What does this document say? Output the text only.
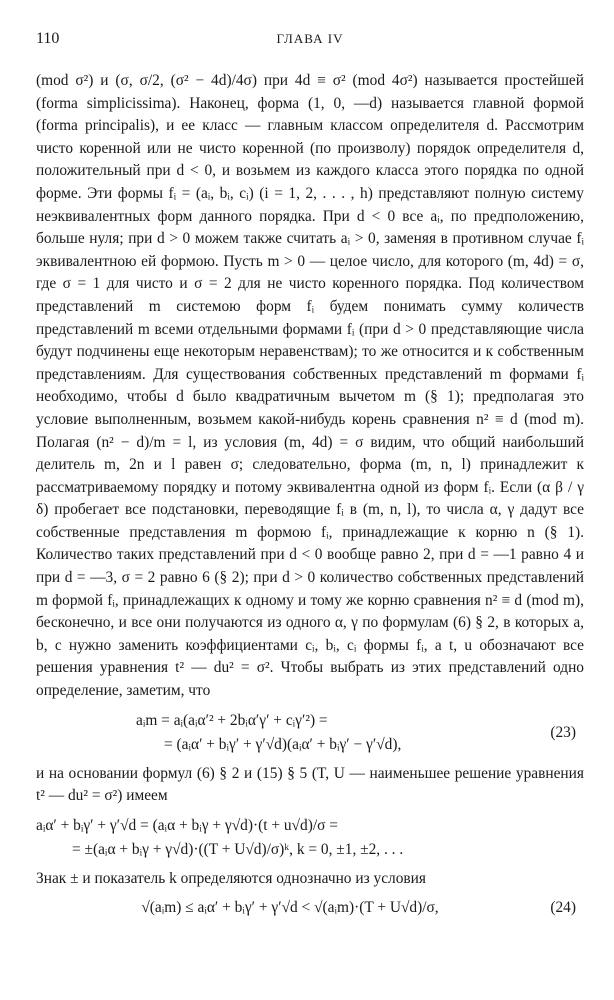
110	ГЛАВА IV

(mod σ²) и (σ, σ/2, (σ² − 4d)/4σ) при 4d ≡ σ² (mod 4σ²) называется простейшей (forma simplicissima). Наконец, форма (1, 0, —d) называется главной формой (forma principalis), и ее класс — главным классом определителя d. Рассмотрим чисто коренной или не чисто коренной (по произволу) порядок определителя d, положительный при d < 0, и возьмем из каждого класса этого порядка по одной форме. Эти формы fᵢ = (aᵢ, bᵢ, cᵢ) (i = 1, 2, . . . , h) представляют полную систему неэквивалентных форм данного порядка. При d < 0 все aᵢ, по предположению, больше нуля; при d > 0 можем также считать aᵢ > 0, заменяя в противном случае fᵢ эквивалентною ей формою. Пусть m > 0 — целое число, для которого (m, 4d) = σ, где σ = 1 для чисто и σ = 2 для не чисто коренного порядка. Под количеством представлений m системою форм fᵢ будем понимать сумму количеств представлений m всеми отдельными формами fᵢ (при d > 0 представляющие числа будут подчинены еще некоторым неравенствам); то же относится и к собственным представлениям. Для существования собственных представлений m формами fᵢ необходимо, чтобы d было квадратичным вычетом m (§ 1); предполагая это условие выполненным, возьмем какой-нибудь корень сравнения n² ≡ d (mod m). Полагая (n² − d)/m = l, из условия (m, 4d) = σ видим, что общий наибольший делитель m, 2n и l равен σ; следовательно, форма (m, n, l) принадлежит к рассматриваемому порядку и потому эквивалентна одной из форм fᵢ. Если (α β / γ δ) пробегает все подстановки, переводящие fᵢ в (m, n, l), то числа α, γ дадут все собственные представления m формою fᵢ, принадлежащие к корню n (§ 1). Количество таких представлений при d < 0 вообще равно 2, при d = —1 равно 4 и при d = —3, σ = 2 равно 6 (§ 2); при d > 0 количество собственных представлений m формой fᵢ, принадлежащих к одному и тому же корню сравнения n² ≡ d (mod m), бесконечно, и все они получаются из одного α, γ по формулам (6) § 2, в которых a, b, c нужно заменить коэффициентами cᵢ, bᵢ, cᵢ формы fᵢ, а t, u обозначают все решения уравнения t² — du² = σ². Чтобы выбрать из этих представлений одно определение, заметим, что

aᵢm = aᵢ(aᵢα′² + 2bᵢα′γ′ + cᵢγ′²) =
= (aᵢα′ + bᵢγ′ + γ′√d)(aᵢα′ + bᵢγ′ − γ′√d),
(23)

и на основании формул (6) § 2 и (15) § 5 (T, U — наименьшее решение уравнения t² — du² = σ²) имеем

aᵢα′ + bᵢγ′ + γ′√d = (aᵢα + bᵢγ + γ√d)·(t + u√d)/σ =
= ±(aᵢα + bᵢγ + γ√d)·((T + U√d)/σ)ᵏ, k = 0, ±1, ±2, . . .

Знак ± и показатель k определяются однозначно из условия

√(aᵢm) ≤ aᵢα′ + bᵢγ′ + γ′√d < √(aᵢm)·(T + U√d)/σ,	(24)
